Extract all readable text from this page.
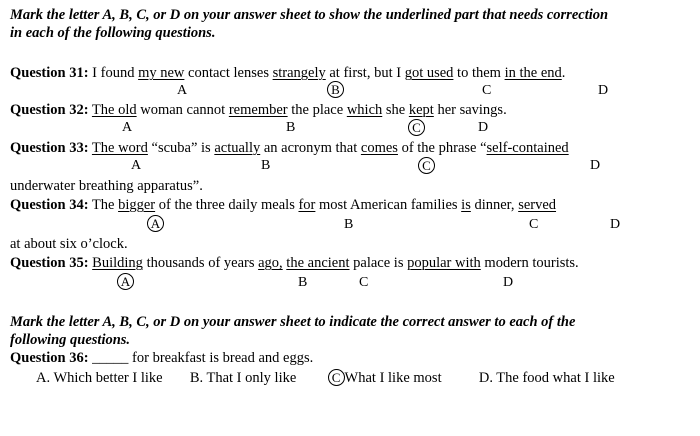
Mark the letter A, B, C, or D on your answer sheet to show the underlined part that needs correction
in each of the following questions.
Question 31: I found my new contact lenses strangely at first, but I got used to them in the end.
A	B	C	D
Question 32: The old woman cannot remember the place which she kept her savings.
A	B	C	D
Question 33: The word “scuba” is actually an acronym that comes of the phrase “self-contained
A	B	C	D
underwater breathing apparatus”.
Question 34: The bigger of the three daily meals for most American families is dinner, served
A	B	C	D
at about six o’clock.
Question 35: Building thousands of years ago, the ancient palace is popular with modern tourists.
A	B	C	D
Mark the letter A, B, C, or D on your answer sheet to indicate the correct answer to each of the
following questions.
Question 36: _____ for breakfast is bread and eggs.
A. Which better I like B. That I only like	C What I like most	D. The food what I like
